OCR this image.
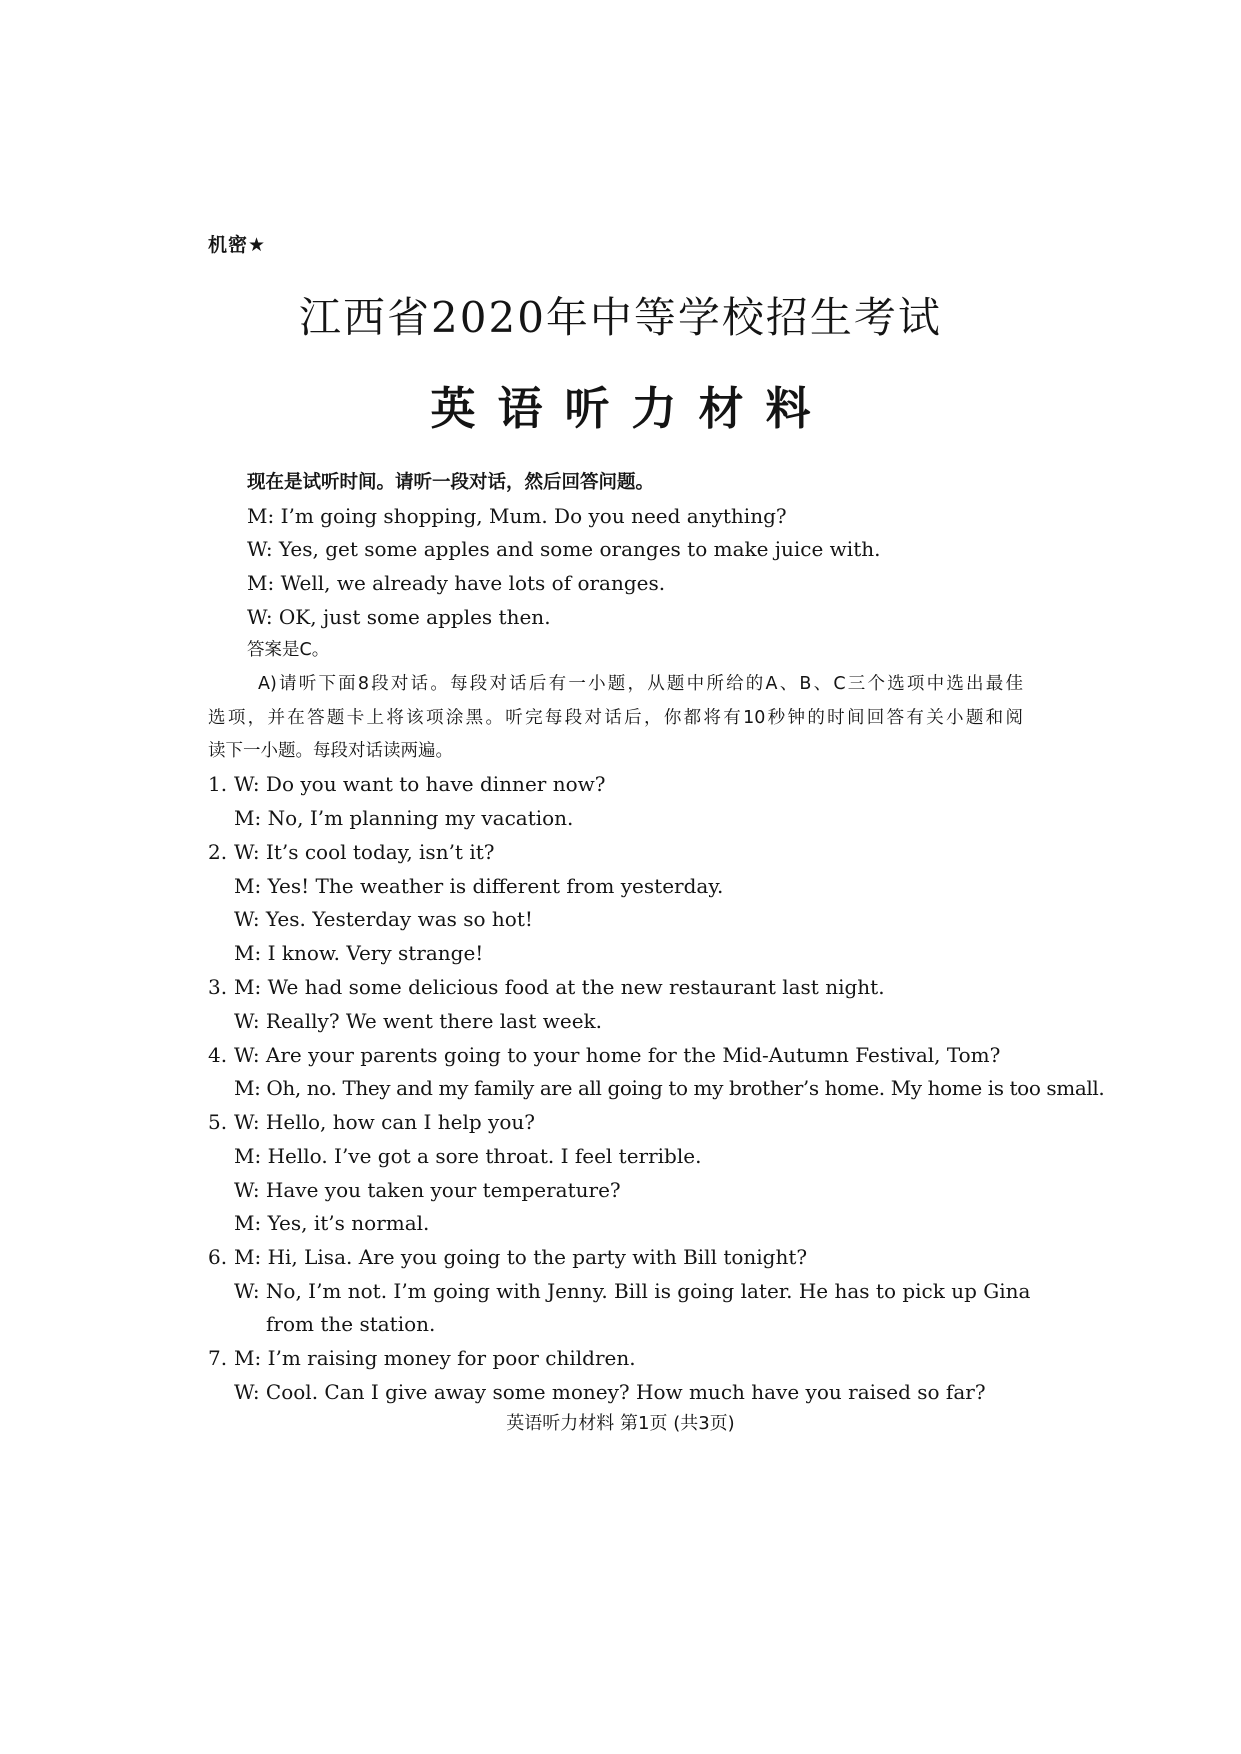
机密★
江西省2020年中等学校招生考试
英语听力材料
现在是试听时间。请听一段对话，然后回答问题。
M: I’m going shopping, Mum. Do you need anything?
W: Yes, get some apples and some oranges to make juice with.
M: Well, we already have lots of oranges.
W: OK, just some apples then.
答案是C。
A)请听下面8段对话。每段对话后有一小题，从题中所给的A、B、C三个选项中选出最佳
选项，并在答题卡上将该项涂黑。听完每段对话后，你都将有10秒钟的时间回答有关小题和阅
读下一小题。每段对话读两遍。
1. W: Do you want to have dinner now?
M: No, I’m planning my vacation.
2. W: It’s cool today, isn’t it?
M: Yes! The weather is different from yesterday.
W: Yes. Yesterday was so hot!
M: I know. Very strange!
3. M: We had some delicious food at the new restaurant last night.
W: Really? We went there last week.
4. W: Are your parents going to your home for the Mid-Autumn Festival, Tom?
M: Oh, no. They and my family are all going to my brother’s home. My home is too small.
5. W: Hello, how can I help you?
M: Hello. I’ve got a sore throat. I feel terrible.
W: Have you taken your temperature?
M: Yes, it’s normal.
6. M: Hi, Lisa. Are you going to the party with Bill tonight?
W: No, I’m not. I’m going with Jenny. Bill is going later. He has to pick up Gina
from the station.
7. M: I’m raising money for poor children.
W: Cool. Can I give away some money? How much have you raised so far?
英语听力材料 第1页 (共3页)
